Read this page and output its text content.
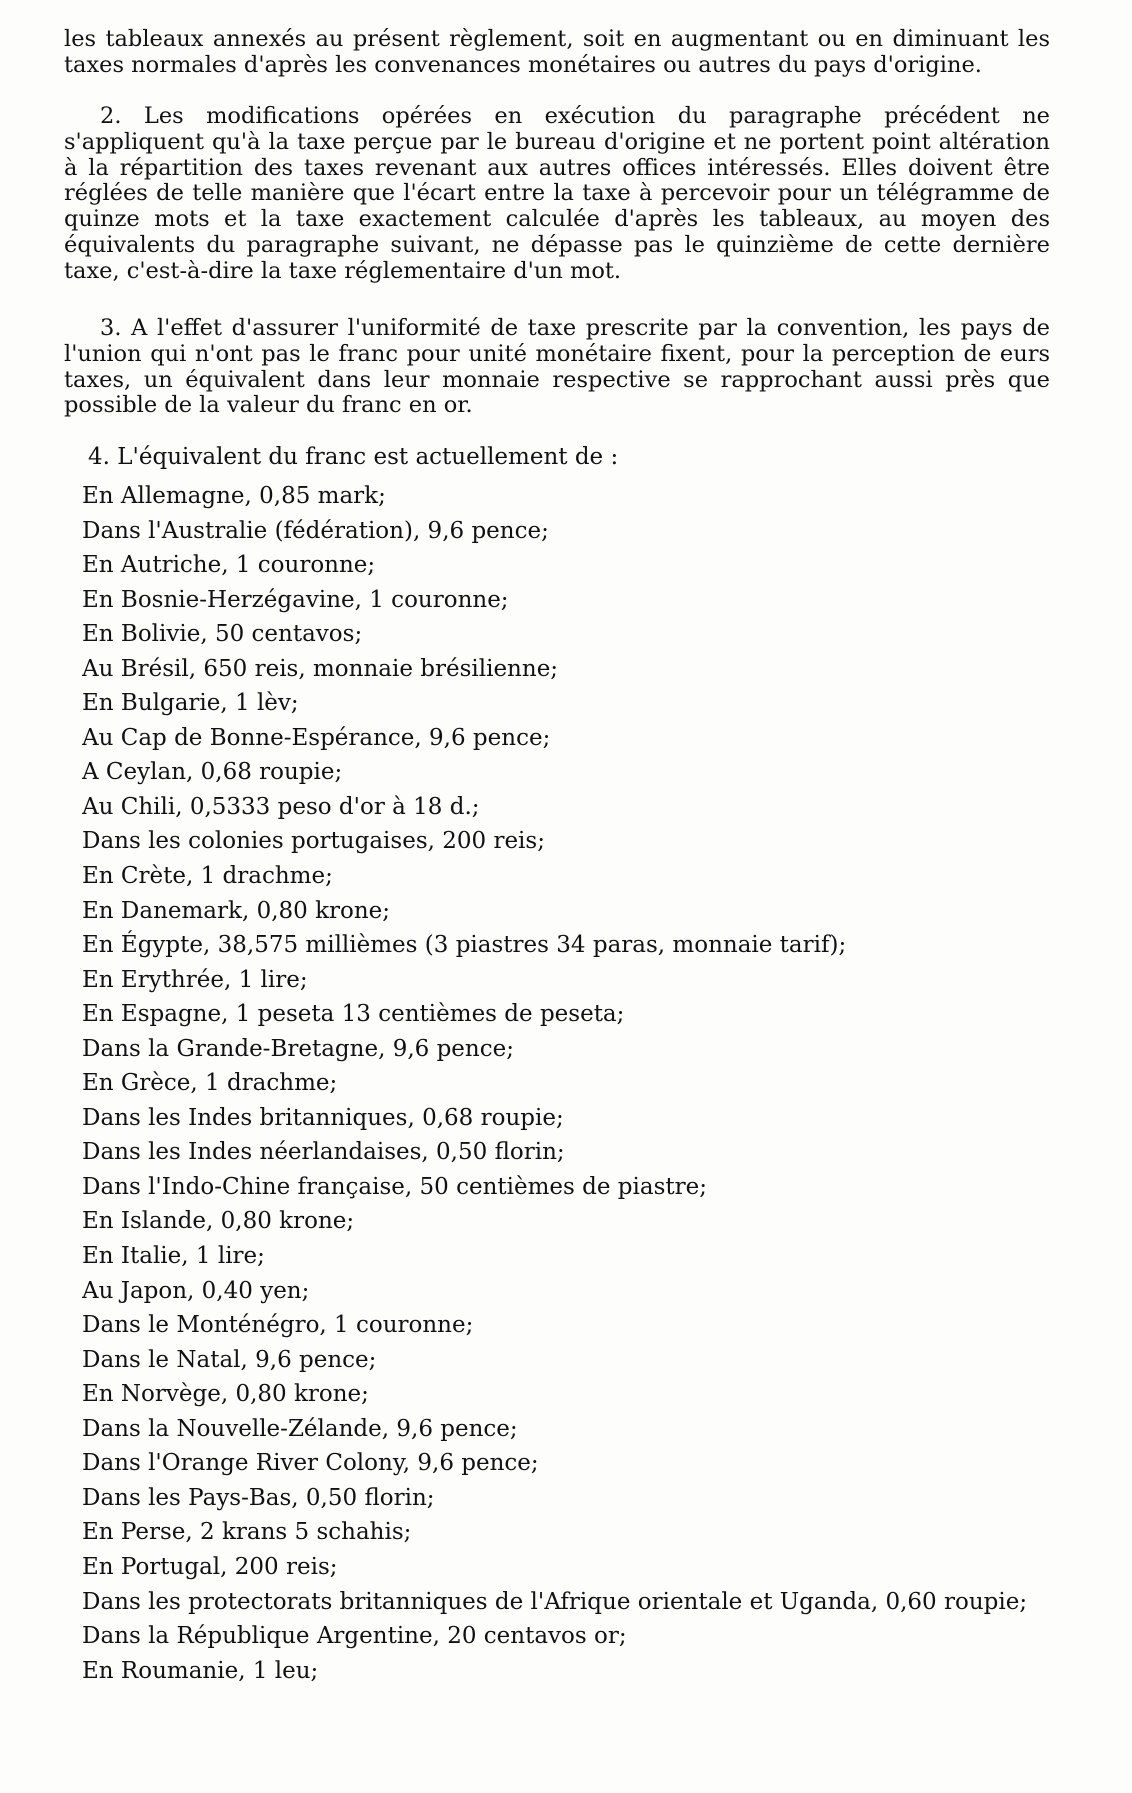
les tableaux annexés au présent règlement, soit en augmentant ou en diminuant les taxes normales d'après les convenances monétaires ou autres du pays d'origine.

2. Les modifications opérées en exécution du paragraphe précédent ne s'appliquent qu'à la taxe perçue par le bureau d'origine et ne portent point altération à la répartition des taxes revenant aux autres offices intéressés. Elles doivent être réglées de telle manière que l'écart entre la taxe à percevoir pour un télégramme de quinze mots et la taxe exactement calculée d'après les tableaux, au moyen des équivalents du paragraphe suivant, ne dépasse pas le quinzième de cette dernière taxe, c'est-à-dire la taxe réglementaire d'un mot.

3. A l'effet d'assurer l'uniformité de taxe prescrite par la convention, les pays de l'union qui n'ont pas le franc pour unité monétaire fixent, pour la perception de eurs taxes, un équivalent dans leur monnaie respective se rapprochant aussi près que possible de la valeur du franc en or.

4. L'équivalent du franc est actuellement de :

En Allemagne, 0,85 mark;
Dans l'Australie (fédération), 9,6 pence;
En Autriche, 1 couronne;
En Bosnie-Herzégavine, 1 couronne;
En Bolivie, 50 centavos;
Au Brésil, 650 reis, monnaie brésilienne;
En Bulgarie, 1 lèv;
Au Cap de Bonne-Espérance, 9,6 pence;
A Ceylan, 0,68 roupie;
Au Chili, 0,5333 peso d'or à 18 d.;
Dans les colonies portugaises, 200 reis;
En Crète, 1 drachme;
En Danemark, 0,80 krone;
En Égypte, 38,575 millièmes (3 piastres 34 paras, monnaie tarif);
En Erythrée, 1 lire;
En Espagne, 1 peseta 13 centièmes de peseta;
Dans la Grande-Bretagne, 9,6 pence;
En Grèce, 1 drachme;
Dans les Indes britanniques, 0,68 roupie;
Dans les Indes néerlandaises, 0,50 florin;
Dans l'Indo-Chine française, 50 centièmes de piastre;
En Islande, 0,80 krone;
En Italie, 1 lire;
Au Japon, 0,40 yen;
Dans le Monténégro, 1 couronne;
Dans le Natal, 9,6 pence;
En Norvège, 0,80 krone;
Dans la Nouvelle-Zélande, 9,6 pence;
Dans l'Orange River Colony, 9,6 pence;
Dans les Pays-Bas, 0,50 florin;
En Perse, 2 krans 5 schahis;
En Portugal, 200 reis;
Dans les protectorats britanniques de l'Afrique orientale et Uganda, 0,60 roupie;
Dans la République Argentine, 20 centavos or;
En Roumanie, 1 leu;
